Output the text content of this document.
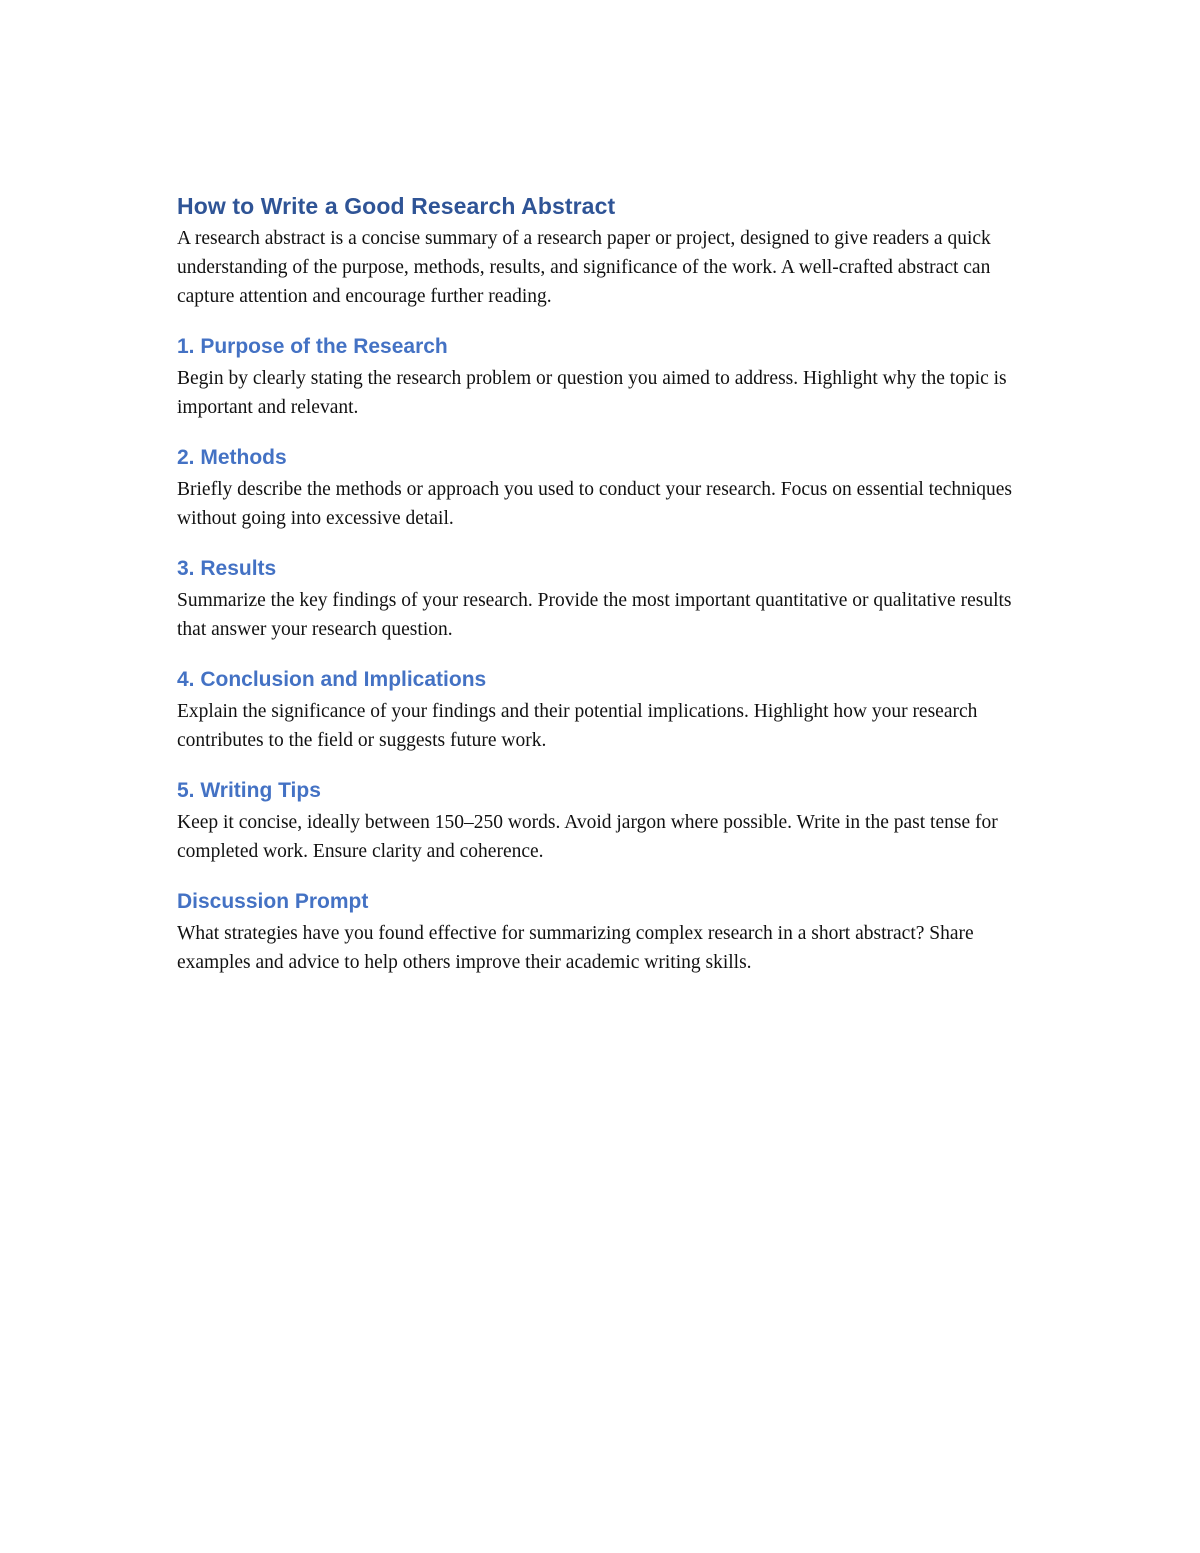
How to Write a Good Research Abstract

A research abstract is a concise summary of a research paper or project, designed to give readers a quick understanding of the purpose, methods, results, and significance of the work. A well-crafted abstract can capture attention and encourage further reading.

1. Purpose of the Research

Begin by clearly stating the research problem or question you aimed to address. Highlight why the topic is important and relevant.

2. Methods

Briefly describe the methods or approach you used to conduct your research. Focus on essential techniques without going into excessive detail.

3. Results

Summarize the key findings of your research. Provide the most important quantitative or qualitative results that answer your research question.

4. Conclusion and Implications

Explain the significance of your findings and their potential implications. Highlight how your research contributes to the field or suggests future work.

5. Writing Tips

Keep it concise, ideally between 150–250 words. Avoid jargon where possible. Write in the past tense for completed work. Ensure clarity and coherence.

Discussion Prompt

What strategies have you found effective for summarizing complex research in a short abstract? Share examples and advice to help others improve their academic writing skills.
